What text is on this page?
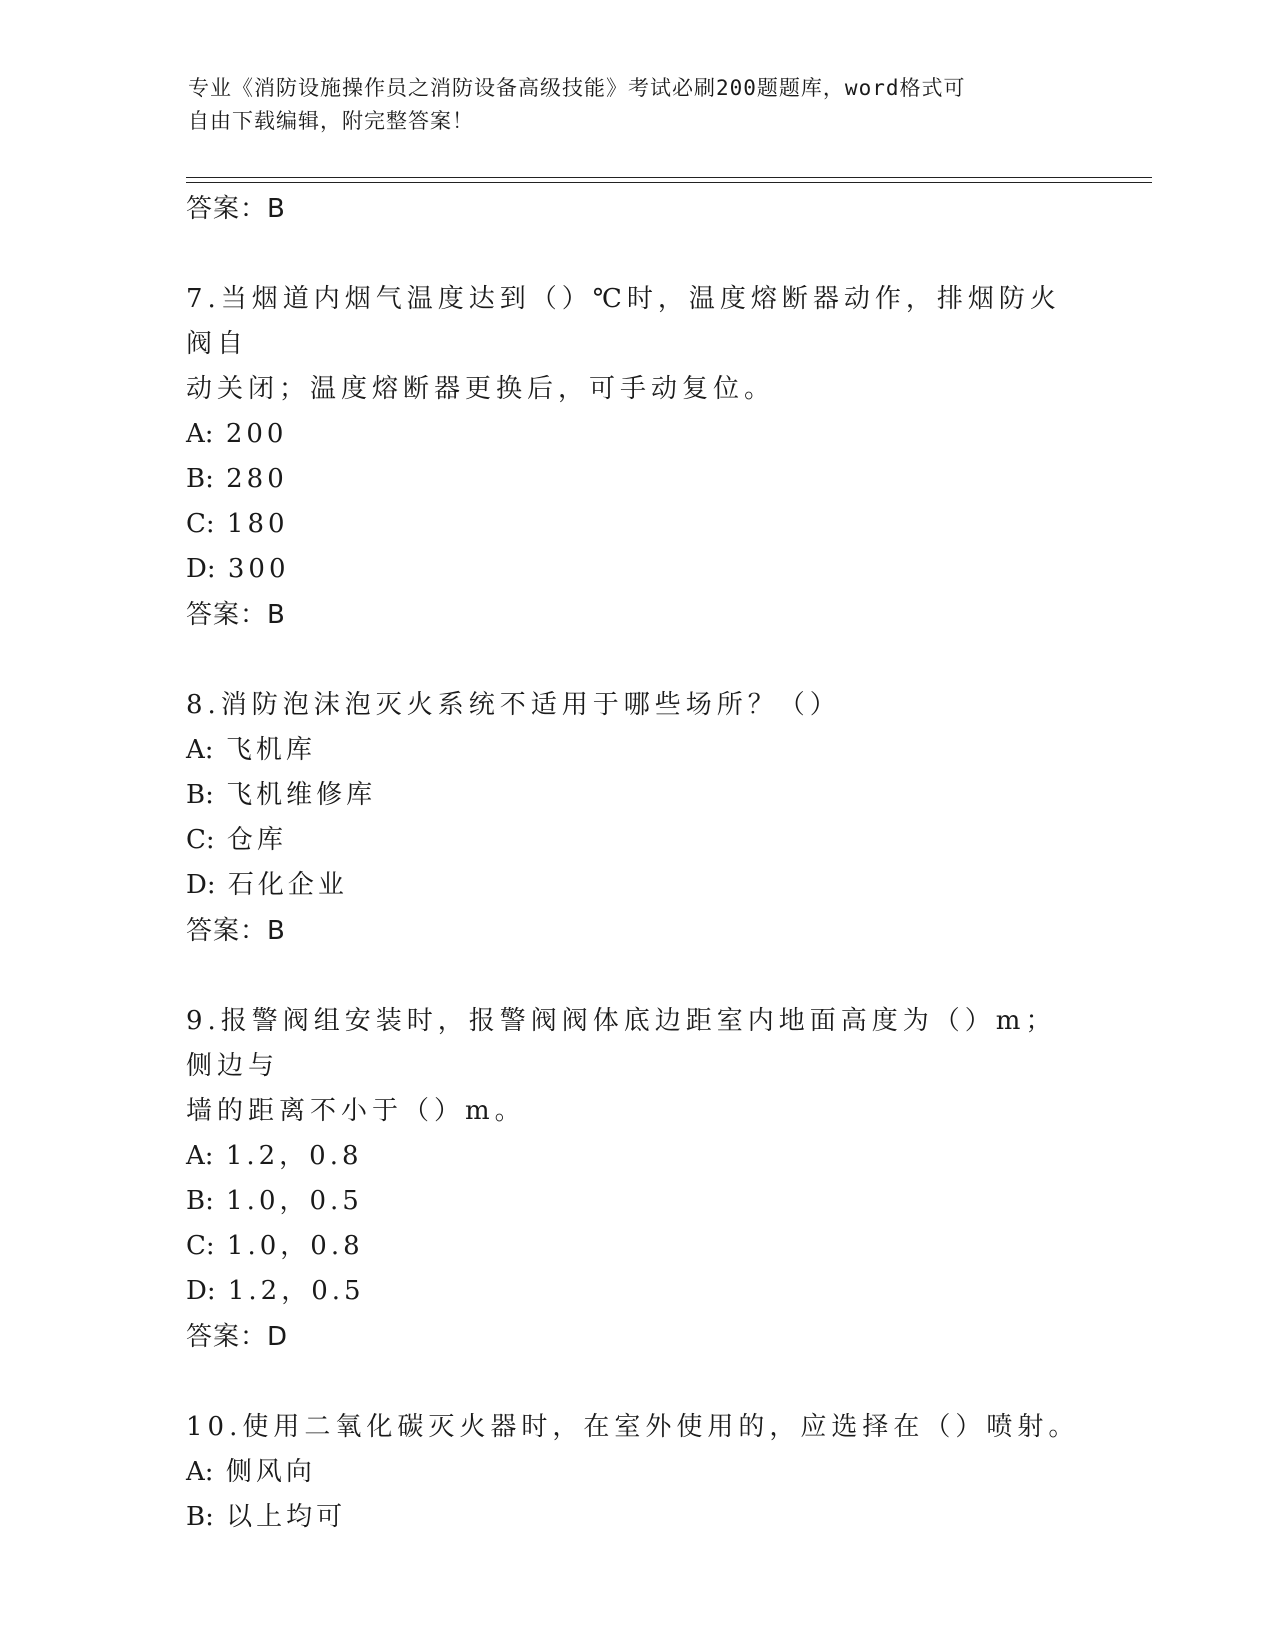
专业《消防设施操作员之消防设备高级技能》考试必刷200题题库，word格式可
自由下载编辑，附完整答案！
答案：B
7.当烟道内烟气温度达到（）℃时，温度熔断器动作，排烟防火阀自
动关闭；温度熔断器更换后，可手动复位。
A: 200
B: 280
C: 180
D: 300
答案：B
8.消防泡沫泡灭火系统不适用于哪些场所？（）
A: 飞机库
B: 飞机维修库
C: 仓库
D: 石化企业
答案：B
9.报警阀组安装时，报警阀阀体底边距室内地面高度为（）m；侧边与
墙的距离不小于（）m。
A: 1.2，0.8
B: 1.0，0.5
C: 1.0，0.8
D: 1.2，0.5
答案：D
10.使用二氧化碳灭火器时，在室外使用的，应选择在（）喷射。
A: 侧风向
B: 以上均可
